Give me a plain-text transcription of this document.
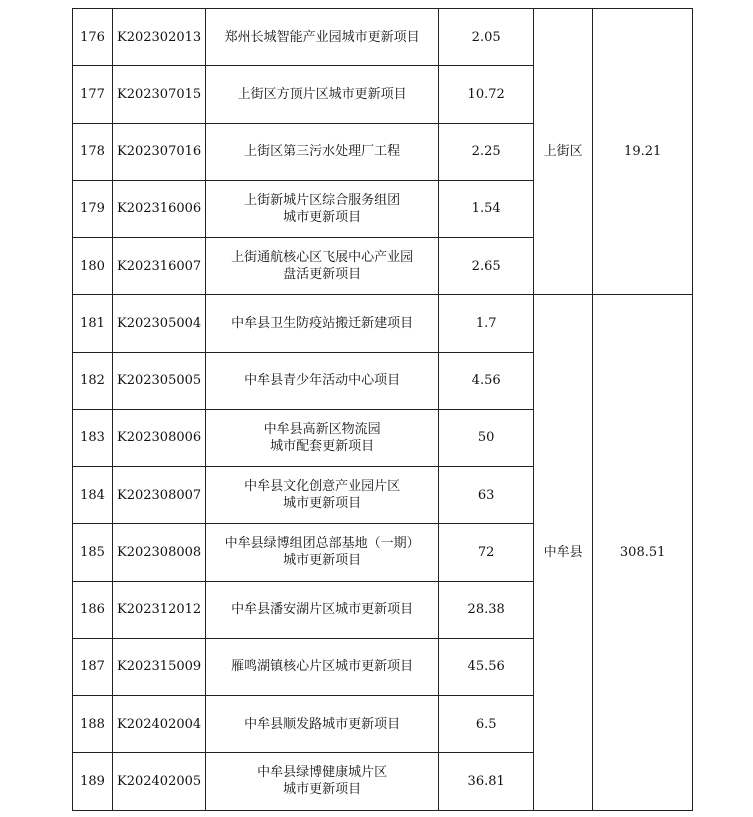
176	K202302013	郑州长城智能产业园城市更新项目	2.05	上街区	19.21
177	K202307015	上街区方顶片区城市更新项目	10.72		
178	K202307016	上街区第三污水处理厂工程	2.25		
179	K202316006	上街新城片区综合服务组团
城市更新项目	1.54		
180	K202316007	上街通航核心区飞展中心产业园
盘活更新项目	2.65		
181	K202305004	中牟县卫生防疫站搬迁新建项目	1.7	中牟县	308.51
182	K202305005	中牟县青少年活动中心项目	4.56		
183	K202308006	中牟县高新区物流园
城市配套更新项目	50		
184	K202308007	中牟县文化创意产业园片区
城市更新项目	63		
185	K202308008	中牟县绿博组团总部基地（一期）
城市更新项目	72		
186	K202312012	中牟县潘安湖片区城市更新项目	28.38		
187	K202315009	雁鸣湖镇核心片区城市更新项目	45.56		
188	K202402004	中牟县顺发路城市更新项目	6.5		
189	K202402005	中牟县绿博健康城片区
城市更新项目	36.81		
